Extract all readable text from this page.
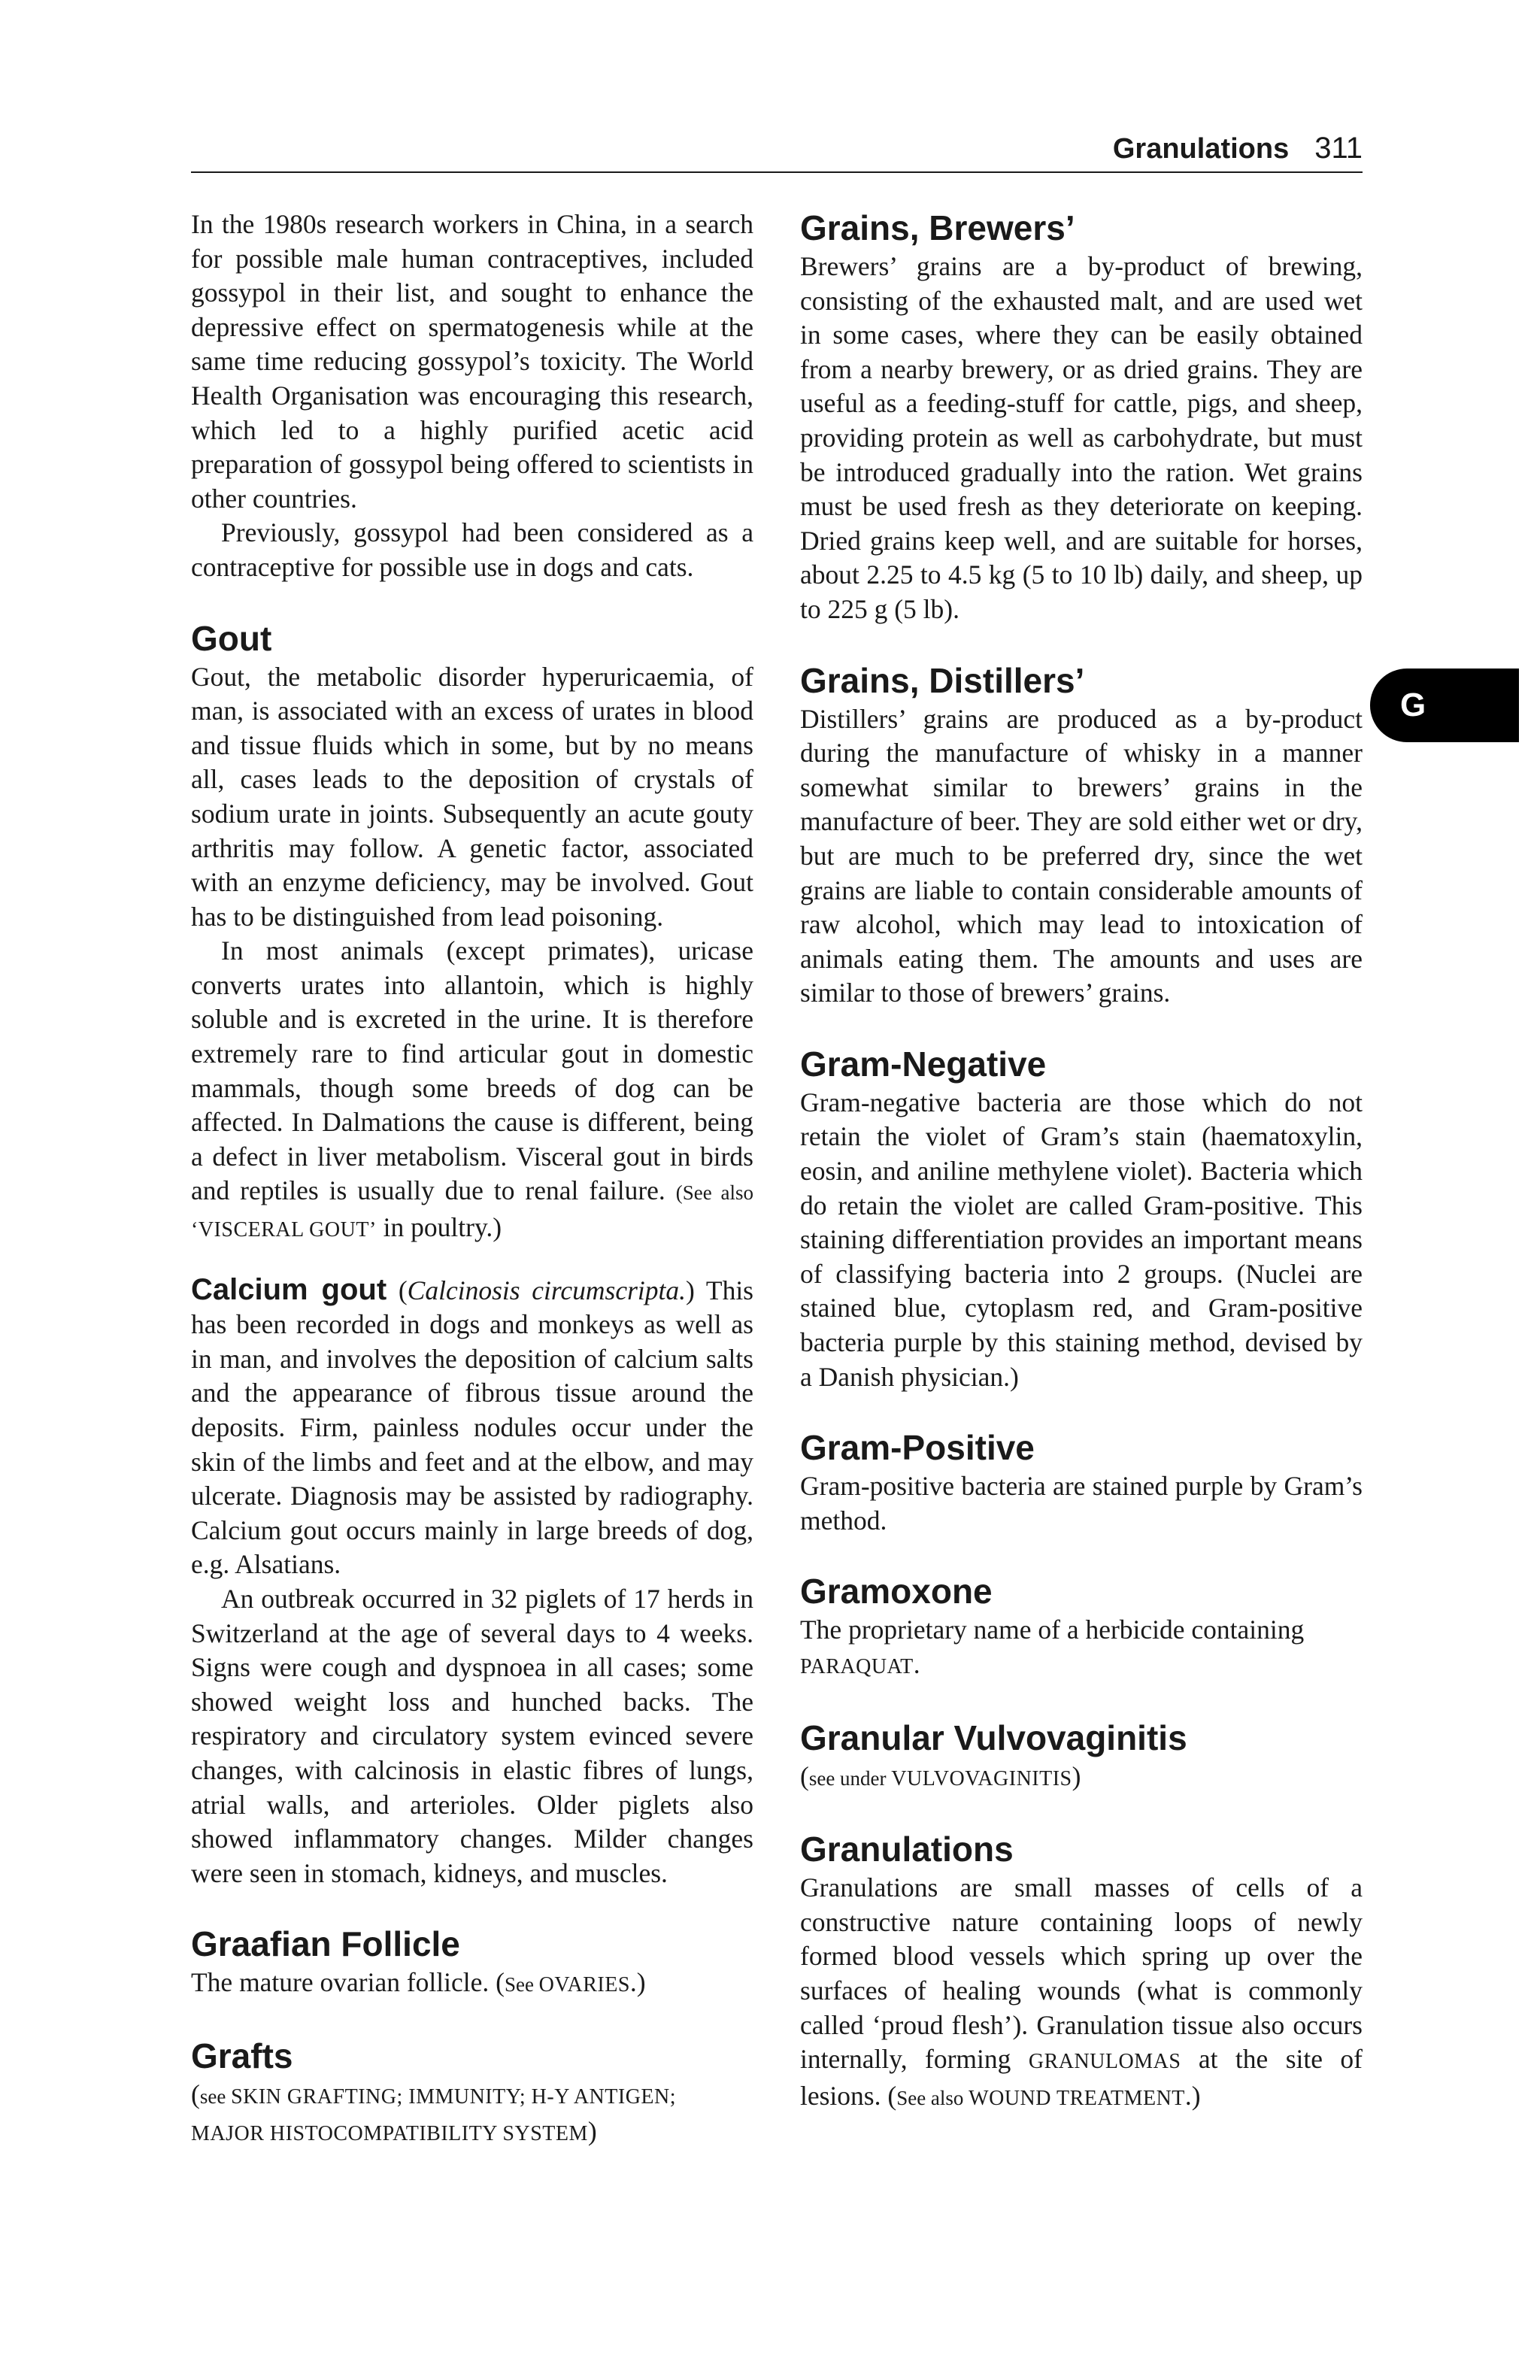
Granulations 311
G

In the 1980s research workers in China, in a search for possible male human contraceptives, included gossypol in their list, and sought to enhance the depressive effect on spermatogenesis while at the same time reducing gossypol’s toxicity. The World Health Organisation was encouraging this research, which led to a highly purified acetic acid preparation of gossypol being offered to scientists in other countries.

Previously, gossypol had been considered as a contraceptive for possible use in dogs and cats.

Gout

Gout, the metabolic disorder hyperuricaemia, of man, is associated with an excess of urates in blood and tissue fluids which in some, but by no means all, cases leads to the deposition of crystals of sodium urate in joints. Subsequently an acute gouty arthritis may follow. A genetic factor, associated with an enzyme deficiency, may be involved. Gout has to be distinguished from lead poisoning.

In most animals (except primates), uricase converts urates into allantoin, which is highly soluble and is excreted in the urine. It is therefore extremely rare to find articular gout in domestic mammals, though some breeds of dog can be affected. In Dalmations the cause is different, being a defect in liver metabolism. Visceral gout in birds and reptiles is usually due to renal failure. (See also ‘VISCERAL GOUT’ in poultry.)

Calcium gout (Calcinosis circumscripta.) This has been recorded in dogs and monkeys as well as in man, and involves the deposition of calcium salts and the appearance of fibrous tissue around the deposits. Firm, painless nodules occur under the skin of the limbs and feet and at the elbow, and may ulcerate. Diagnosis may be assisted by radiography. Calcium gout occurs mainly in large breeds of dog, e.g. Alsatians.

An outbreak occurred in 32 piglets of 17 herds in Switzerland at the age of several days to 4 weeks. Signs were cough and dyspnoea in all cases; some showed weight loss and hunched backs. The respiratory and circulatory system evinced severe changes, with calcinosis in elastic fibres of lungs, atrial walls, and arterioles. Older piglets also showed inflammatory changes. Milder changes were seen in stomach, kidneys, and muscles.

Graafian Follicle

The mature ovarian follicle. (See OVARIES.)

Grafts

(see SKIN GRAFTING; IMMUNITY; H-Y ANTIGEN; MAJOR HISTOCOMPATIBILITY SYSTEM)

Grains, Brewers’

Brewers’ grains are a by-product of brewing, consisting of the exhausted malt, and are used wet in some cases, where they can be easily obtained from a nearby brewery, or as dried grains. They are useful as a feeding-stuff for cattle, pigs, and sheep, providing protein as well as carbohydrate, but must be introduced gradually into the ration. Wet grains must be used fresh as they deteriorate on keeping. Dried grains keep well, and are suitable for horses, about 2.25 to 4.5 kg (5 to 10 lb) daily, and sheep, up to 225 g (5 lb).

Grains, Distillers’

Distillers’ grains are produced as a by-product during the manufacture of whisky in a manner somewhat similar to brewers’ grains in the manufacture of beer. They are sold either wet or dry, but are much to be preferred dry, since the wet grains are liable to contain considerable amounts of raw alcohol, which may lead to intoxication of animals eating them. The amounts and uses are similar to those of brewers’ grains.

Gram-Negative

Gram-negative bacteria are those which do not retain the violet of Gram’s stain (haematoxylin, eosin, and aniline methylene violet). Bacteria which do retain the violet are called Gram-positive. This staining differentiation provides an important means of classifying bacteria into 2 groups. (Nuclei are stained blue, cytoplasm red, and Gram-positive bacteria purple by this staining method, devised by a Danish physician.)

Gram-Positive

Gram-positive bacteria are stained purple by Gram’s method.

Gramoxone

The proprietary name of a herbicide containing PARAQUAT.

Granular Vulvovaginitis

(see under VULVOVAGINITIS)

Granulations

Granulations are small masses of cells of a constructive nature containing loops of newly formed blood vessels which spring up over the surfaces of healing wounds (what is commonly called ‘proud flesh’). Granulation tissue also occurs internally, forming GRANULOMAS at the site of lesions. (See also WOUND TREATMENT.)
